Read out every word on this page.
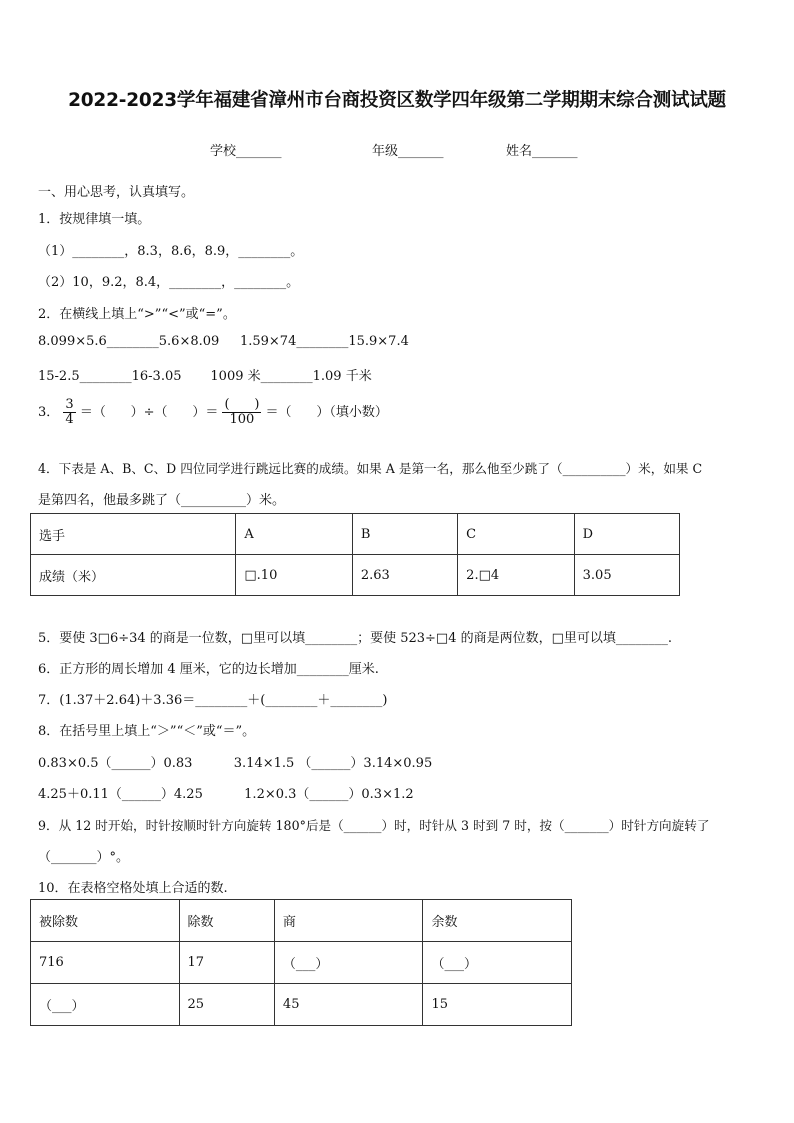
2022-2023学年福建省漳州市台商投资区数学四年级第二学期期末综合测试试题
学校_______	年级_______	姓名_______
一、用心思考，认真填写。
1．按规律填一填。
（1）________，8.3，8.6，8.9，________。
（2）10，9.2，8.4，________，________。
2．在横线上填上“>”“<”或“=”。
8.099×5.6________5.6×8.09     1.59×74________15.9×7.4
15-2.5________16-3.05       1009 米________1.09 千米
3． $\frac{3}{4}$ ＝（      ）÷（      ）＝ $\frac{( )}{100}$ ＝（      ）（填小数）
4．下表是 A、B、C、D 四位同学进行跳远比赛的成绩。如果 A 是第一名，那么他至少跳了（__________）米，如果 C
是第四名，他最多跳了（__________）米。
选手	A	B	C	D
成绩（米）	□.10	2.63	2.□4	3.05
5．要使 3□6÷34 的商是一位数，□里可以填________；要使 523÷□4 的商是两位数，□里可以填________.
6．正方形的周长增加 4 厘米，它的边长增加________厘米.
7．(1.37＋2.64)＋3.36＝________＋(________＋________)
8．在括号里上填上“＞”“＜”或“＝”。
0.83×0.5（______）0.83          3.14×1.5 （______）3.14×0.95
4.25＋0.11（______）4.25          1.2×0.3（______）0.3×1.2
9．从 12 时开始，时针按顺时针方向旋转 180°后是（______）时，时针从 3 时到 7 时，按（_______）时针方向旋转了
（_______）°。
10．在表格空格处填上合适的数.
被除数	除数	商	余数
716	17	（___）	（___）
（___）	25	45	15
